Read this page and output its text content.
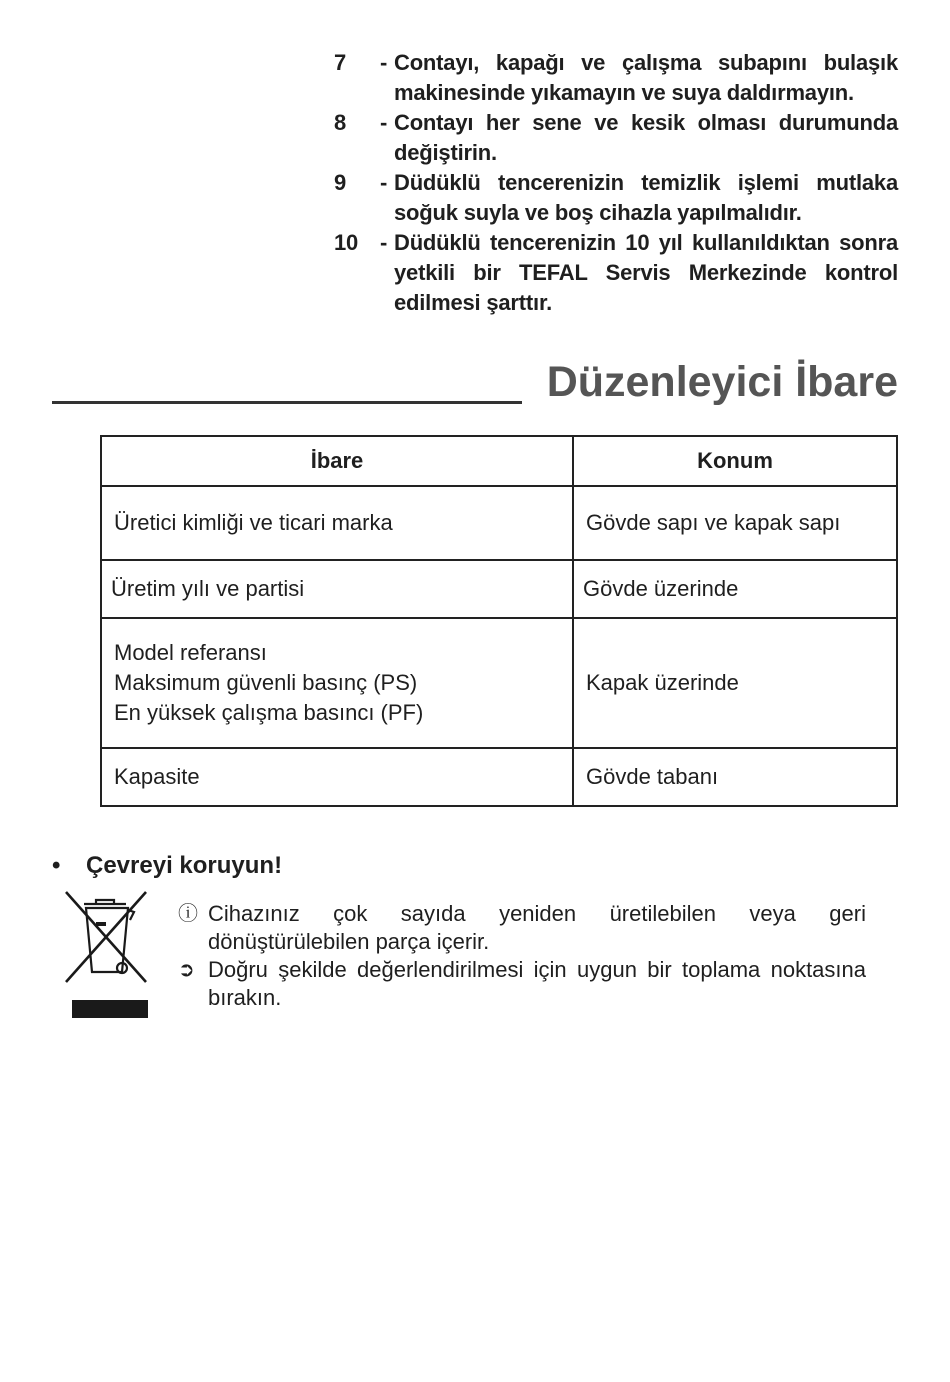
7	- Contayı, kapağı ve çalışma subapını bulaşık makinesinde yıkamayın ve suya daldırmayın.
8	- Contayı her sene ve kesik olması durumunda değiştirin.
9	- Düdüklü tencerenizin temizlik işlemi mutlaka soğuk suyla ve boş cihazla yapılmalıdır.
10 - Düdüklü tencerenizin 10 yıl kullanıldıktan sonra yetkili bir TEFAL Servis Merkezinde kontrol edilmesi şarttır.
Düzenleyici İbare
İbare	Konum

Üretici kimliği ve ticari marka	Gövde sapı ve kapak sapı

Üretim yılı ve partisi	Gövde üzerinde

Model referansı
Maksimum güvenli basınç (PS)
En yüksek çalışma basıncı (PF)	Kapak üzerinde

Kapasite	Gövde tabanı
• Çevreyi koruyun!
ⓘ Cihazınız çok sayıda yeniden üretilebilen veya geri dönüştürülebilen parça içerir.
➲ Doğru şekilde değerlendirilmesi için uygun bir toplama noktasına bırakın.
